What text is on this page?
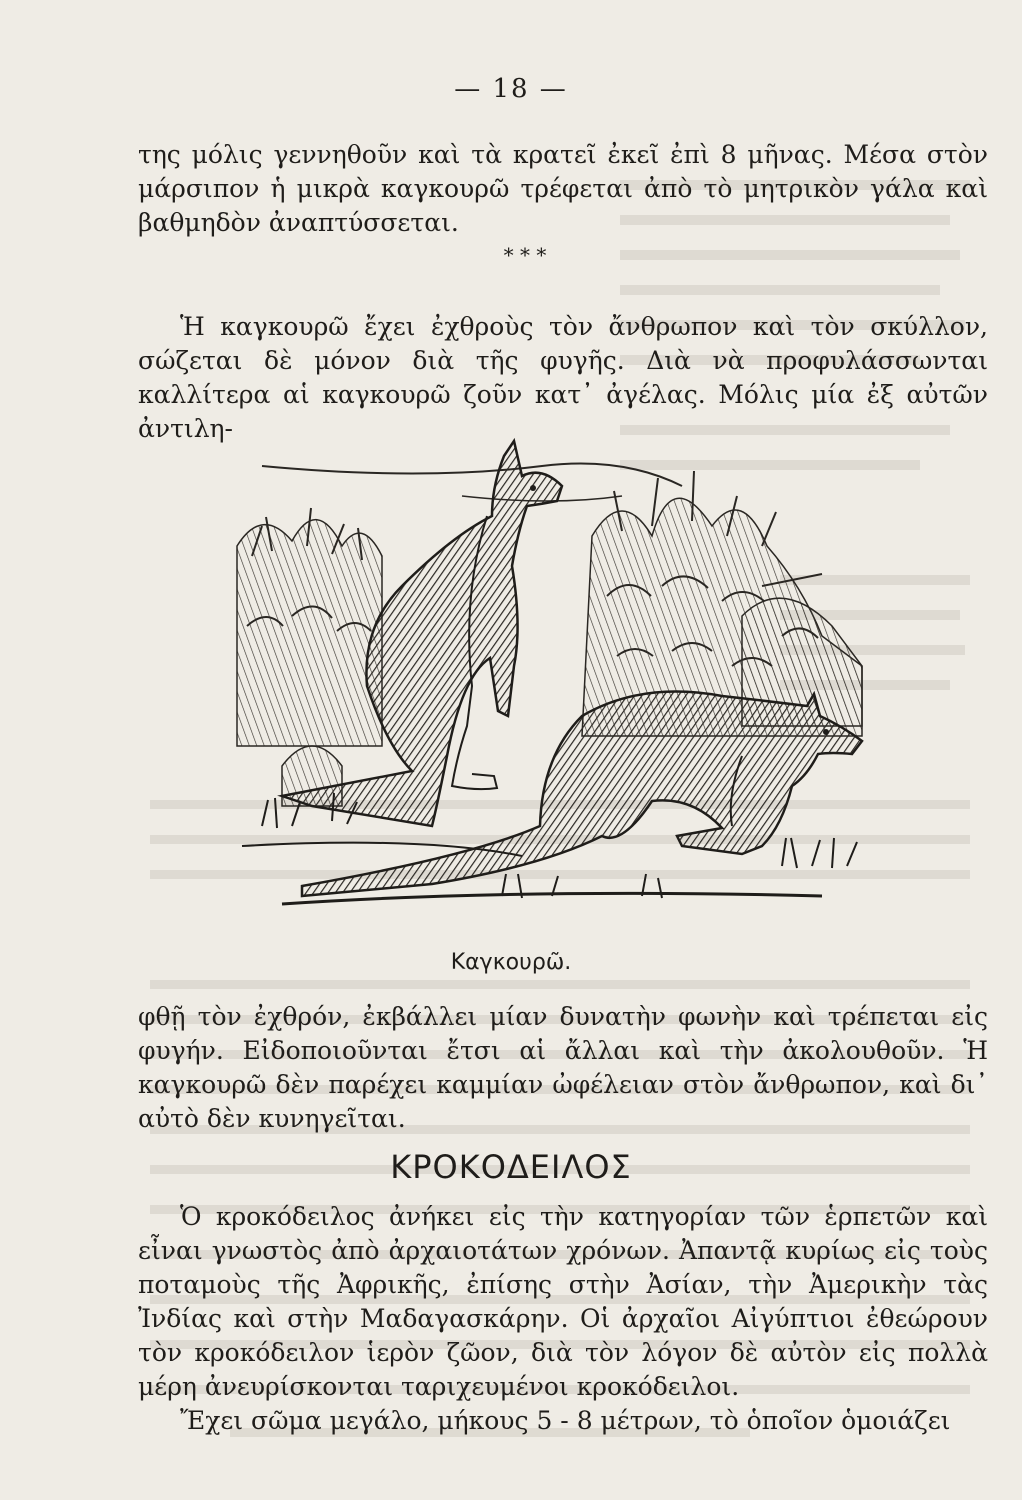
— 18 —

της μόλις γεννηθοῦν καὶ τὰ κρατεῖ ἐκεῖ ἐπὶ 8 μῆνας. Μέσα στὸν μάρσιπον ἡ μικρὰ καγκουρῶ τρέφεται ἀπὸ τὸ μητρικὸν γάλα καὶ βαθμηδὸν ἀναπτύσσεται.

* * *

Ἡ καγκουρῶ ἔχει ἐχθροὺς τὸν ἄνθρωπον καὶ τὸν σκύλλον, σώζεται δὲ μόνον διὰ τῆς φυγῆς. Διὰ νὰ προφυλάσσωνται καλλίτερα αἱ καγκουρῶ ζοῦν κατ᾽ ἀγέλας. Μόλις μία ἐξ αὐτῶν ἀντιλη-

Καγκουρῶ.

φθῇ τὸν ἐχθρόν, ἐκβάλλει μίαν δυνατὴν φωνὴν καὶ τρέπεται εἰς φυγήν. Εἰδοποιοῦνται ἔτσι αἱ ἄλλαι καὶ τὴν ἀκολουθοῦν. Ἡ καγκουρῶ δὲν παρέχει καμμίαν ὠφέλειαν στὸν ἄνθρωπον, καὶ δι᾽ αὐτὸ δὲν κυνηγεῖται.

ΚΡΟΚΟΔΕΙΛΟΣ

Ὁ κροκόδειλος ἀνήκει εἰς τὴν κατηγορίαν τῶν ἑρπετῶν καὶ εἶναι γνωστὸς ἀπὸ ἀρχαιοτάτων χρόνων. Ἀπαντᾷ κυρίως εἰς τοὺς ποταμοὺς τῆς Ἀφρικῆς, ἐπίσης στὴν Ἀσίαν, τὴν Ἀμερικὴν τὰς Ἰνδίας καὶ στὴν Μαδαγασκάρην. Οἱ ἀρχαῖοι Αἰγύπτιοι ἐθεώρουν τὸν κροκόδειλον ἱερὸν ζῶον, διὰ τὸν λόγον δὲ αὐτὸν εἰς πολλὰ μέρη ἀνευρίσκονται ταριχευμένοι κροκόδειλοι.

Ἔχει σῶμα μεγάλο, μήκους 5 - 8 μέτρων, τὸ ὁποῖον ὁμοιάζει
